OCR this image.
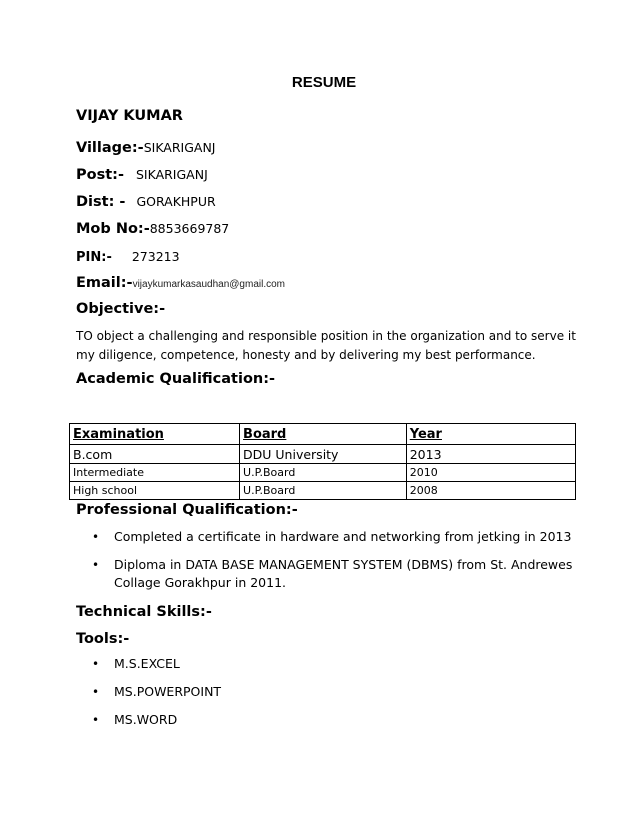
RESUME
VIJAY KUMAR
Village:-SIKARIGANJ
Post:- SIKARIGANJ
Dist: - GORAKHPUR
Mob No:-8853669787
PIN:- 273213
Email:-vijaykumarkasaudhan@gmail.com
Objective:-
TO object a challenging and responsible position in the organization and to serve it
my diligence, competence, honesty and by delivering my best performance.
Academic Qualification:-
Examination	Board	Year
B.com	DDU University	2013
Intermediate	U.P.Board	2010
High school	U.P.Board	2008
Professional Qualification:-
• Completed a certificate in hardware and networking from jetking in 2013
• Diploma in DATA BASE MANAGEMENT SYSTEM (DBMS) from St. Andrewes
Collage Gorakhpur in 2011.
Technical Skills:-
Tools:-
• M.S.EXCEL
• MS.POWERPOINT
• MS.WORD
